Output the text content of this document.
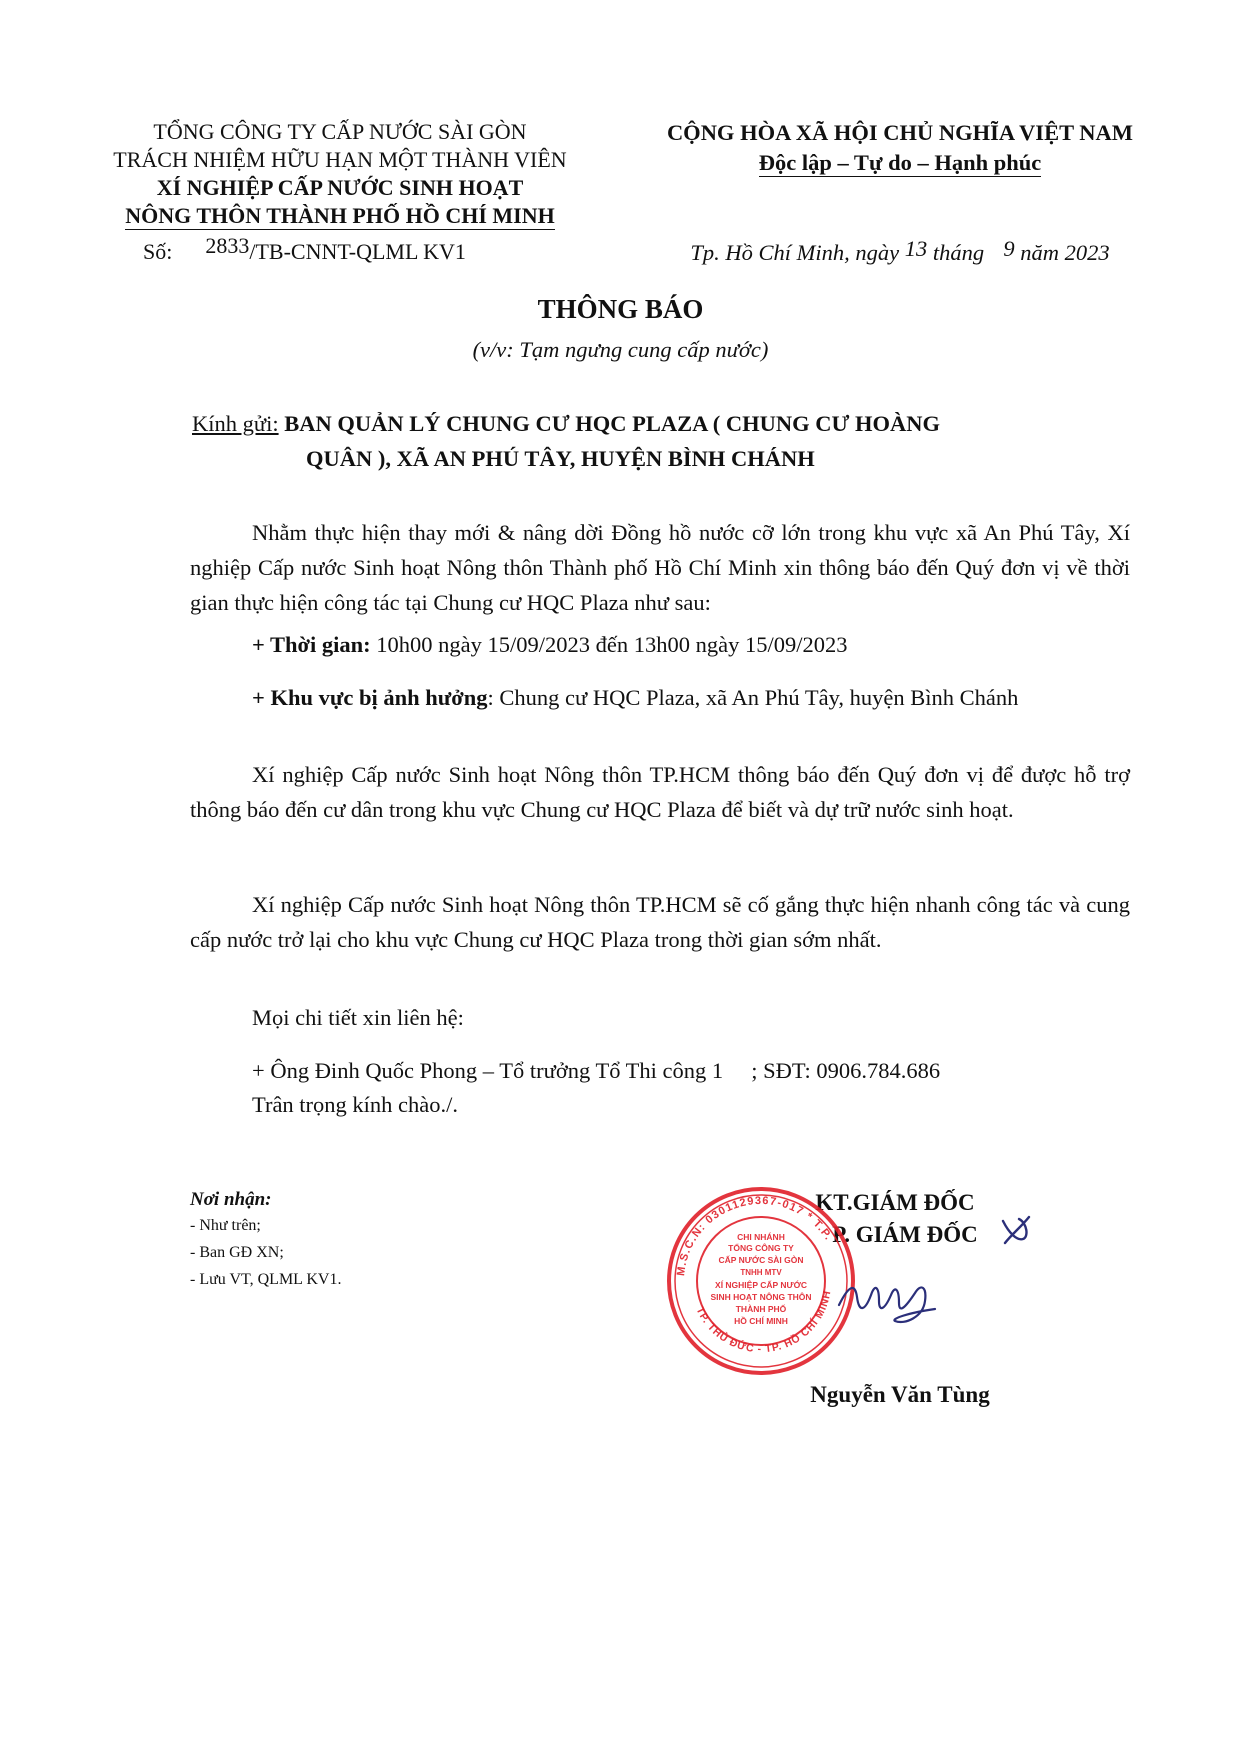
TỔNG CÔNG TY CẤP NƯỚC SÀI GÒN
TRÁCH NHIỆM HỮU HẠN MỘT THÀNH VIÊN
XÍ NGHIỆP CẤP NƯỚC SINH HOẠT
NÔNG THÔN THÀNH PHỐ HỒ CHÍ MINH
Số: 2833/TB-CNNT-QLML KV1
CỘNG HÒA XÃ HỘI CHỦ NGHĨA VIỆT NAM
Độc lập – Tự do – Hạnh phúc
Tp. Hồ Chí Minh, ngày 13 tháng 9 năm 2023
THÔNG BÁO
(v/v: Tạm ngưng cung cấp nước)
Kính gửi: BAN QUẢN LÝ CHUNG CƯ HQC PLAZA ( CHUNG CƯ HOÀNG
QUÂN ), XÃ AN PHÚ TÂY, HUYỆN BÌNH CHÁNH
Nhằm thực hiện thay mới & nâng dời Đồng hồ nước cỡ lớn trong khu vực xã An Phú Tây, Xí nghiệp Cấp nước Sinh hoạt Nông thôn Thành phố Hồ Chí Minh xin thông báo đến Quý đơn vị về thời gian thực hiện công tác tại Chung cư HQC Plaza như sau:
+ Thời gian: 10h00 ngày 15/09/2023 đến 13h00 ngày 15/09/2023
+ Khu vực bị ảnh hưởng: Chung cư HQC Plaza, xã An Phú Tây, huyện Bình Chánh
Xí nghiệp Cấp nước Sinh hoạt Nông thôn TP.HCM thông báo đến Quý đơn vị để được hỗ trợ thông báo đến cư dân trong khu vực Chung cư HQC Plaza để biết và dự trữ nước sinh hoạt.
Xí nghiệp Cấp nước Sinh hoạt Nông thôn TP.HCM sẽ cố gắng thực hiện nhanh công tác và cung cấp nước trở lại cho khu vực Chung cư HQC Plaza trong thời gian sớm nhất.
Mọi chi tiết xin liên hệ:
+ Ông Đinh Quốc Phong – Tổ trưởng Tổ Thi công 1     ; SĐT: 0906.784.686
Trân trọng kính chào./.
Nơi nhận:
- Như trên;
- Ban GĐ XN;
- Lưu VT, QLML KV1.
KT.GIÁM ĐỐC
P. GIÁM ĐỐC
M.S.C.N: 0301129367-017 * T.P.
TP. THỦ ĐỨC - TP. HỒ CHÍ MINH
CHI NHÁNH
TỔNG CÔNG TY
CẤP NƯỚC SÀI GÒN
TNHH MTV
XÍ NGHIỆP CẤP NƯỚC
SINH HOẠT NÔNG THÔN
THÀNH PHỐ
HỒ CHÍ MINH
Nguyễn Văn Tùng
